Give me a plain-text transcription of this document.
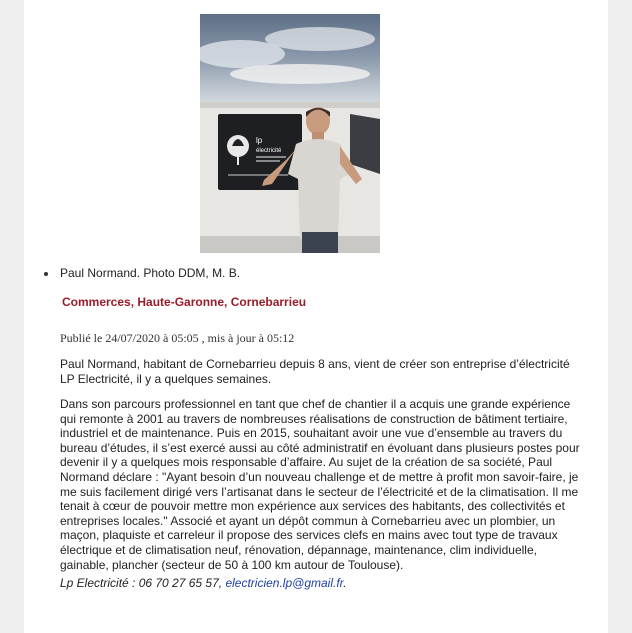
lp
électricité
Paul Normand. Photo DDM, M. B.
Commerces, Haute-Garonne, Cornebarrieu
Publié le 24/07/2020 à 05:05 , mis à jour à 05:12

Paul Normand, habitant de Cornebarrieu depuis 8 ans, vient de créer son entreprise d’électricité LP Electricité, il y a quelques semaines.

Dans son parcours professionnel en tant que chef de chantier il a acquis une grande expérience qui remonte à 2001 au travers de nombreuses réalisations de construction de bâtiment tertiaire, industriel et de maintenance. Puis en 2015, souhaitant avoir une vue d’ensemble au travers du bureau d’études, il s’est exercé aussi au côté administratif en évoluant dans plusieurs postes pour devenir il y a quelques mois responsable d’affaire. Au sujet de la création de sa société, Paul Normand déclare : "Ayant besoin d’un nouveau challenge et de mettre à profit mon savoir-faire, je me suis facilement dirigé vers l’artisanat dans le secteur de l’électricité et de la climatisation. Il me tenait à cœur de pouvoir mettre mon expérience aux services des habitants, des collectivités et entreprises locales." Associé et ayant un dépôt commun à Cornebarrieu avec un plombier, un maçon, plaquiste et carreleur il propose des services clefs en mains avec tout type de travaux électrique et de climatisation neuf, rénovation, dépannage, maintenance, clim individuelle, gainable, plancher (secteur de 50 à 100 km autour de Toulouse).

Lp Electricité : 06 70 27 65 57, electricien.lp@gmail.fr.
